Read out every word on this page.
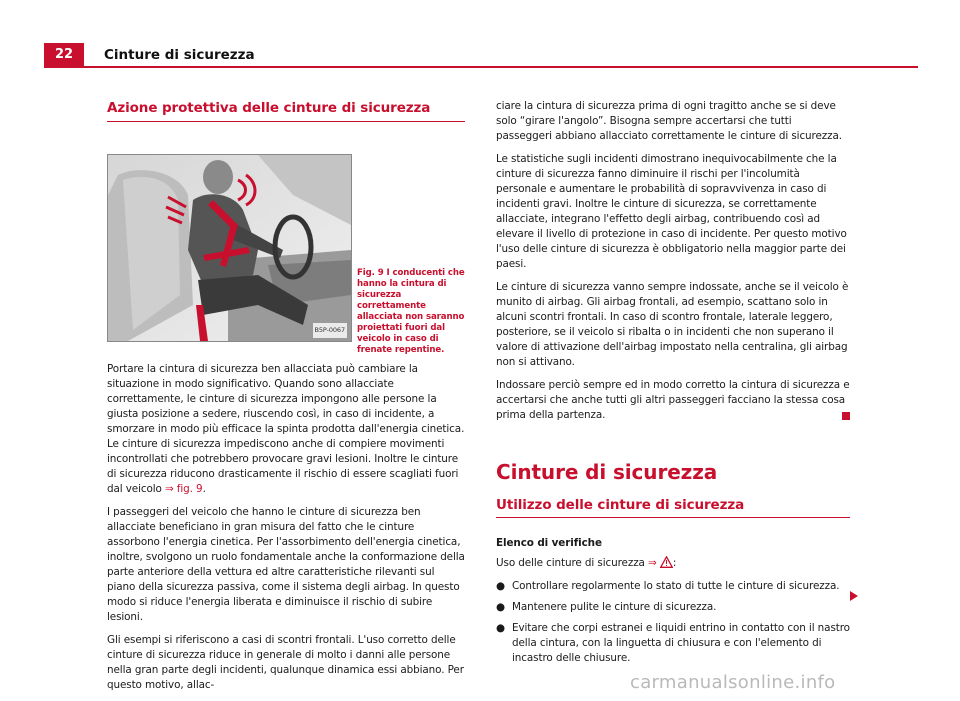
22	Cinture di sicurezza
Azione protettiva delle cinture di sicurezza
B5P-0067
Fig. 9 I conducenti che hanno la cintura di sicurezza correttamente allacciata non saranno proiettati fuori dal veicolo in caso di frenate repentine.

Portare la cintura di sicurezza ben allacciata può cambiare la situazione in modo significativo. Quando sono allacciate correttamente, le cinture di sicurezza impongono alle persone la giusta posizione a sedere, riuscendo così, in caso di incidente, a smorzare in modo più efficace la spinta prodotta dall'energia cinetica. Le cinture di sicurezza impediscono anche di compiere movimenti incontrollati che potrebbero provocare gravi lesioni. Inoltre le cinture di sicurezza riducono drasticamente il rischio di essere scagliati fuori dal veicolo ⇒ fig. 9.

I passeggeri del veicolo che hanno le cinture di sicurezza ben allacciate beneficiano in gran misura del fatto che le cinture assorbono l'energia cinetica. Per l'assorbimento dell'energia cinetica, inoltre, svolgono un ruolo fondamentale anche la conformazione della parte anteriore della vettura ed altre caratteristiche rilevanti sul piano della sicurezza passiva, come il sistema degli airbag. In questo modo si riduce l'energia liberata e diminuisce il rischio di subire lesioni.

Gli esempi si riferiscono a casi di scontri frontali. L'uso corretto delle cinture di sicurezza riduce in generale di molto i danni alle persone nella gran parte degli incidenti, qualunque dinamica essi abbiano. Per questo motivo, allac-

ciare la cintura di sicurezza prima di ogni tragitto anche se si deve solo “girare l'angolo”. Bisogna sempre accertarsi che tutti passeggeri abbiano allacciato correttamente le cinture di sicurezza.

Le statistiche sugli incidenti dimostrano inequivocabilmente che la cinture di sicurezza fanno diminuire il rischi per l'incolumità personale e aumentare le probabilità di sopravvivenza in caso di incidenti gravi. Inoltre le cinture di sicurezza, se correttamente allacciate, integrano l'effetto degli airbag, contribuendo così ad elevare il livello di protezione in caso di incidente. Per questo motivo l'uso delle cinture di sicurezza è obbligatorio nella maggior parte dei paesi.

Le cinture di sicurezza vanno sempre indossate, anche se il veicolo è munito di airbag. Gli airbag frontali, ad esempio, scattano solo in alcuni scontri frontali. In caso di scontro frontale, laterale leggero, posteriore, se il veicolo si ribalta o in incidenti che non superano il valore di attivazione dell'airbag impostato nella centralina, gli airbag non si attivano.

Indossare perciò sempre ed in modo corretto la cintura di sicurezza e accertarsi che anche tutti gli altri passeggeri facciano la stessa cosa prima della partenza.

Cinture di sicurezza
Utilizzo delle cinture di sicurezza

Elenco di verifiche

Uso delle cinture di sicurezza ⇒ :

● Controllare regolarmente lo stato di tutte le cinture di sicurezza.
● Mantenere pulite le cinture di sicurezza.
● Evitare che corpi estranei e liquidi entrino in contatto con il nastro della cintura, con la linguetta di chiusura e con l'elemento di incastro delle chiusure.
carmanualsonline.info
